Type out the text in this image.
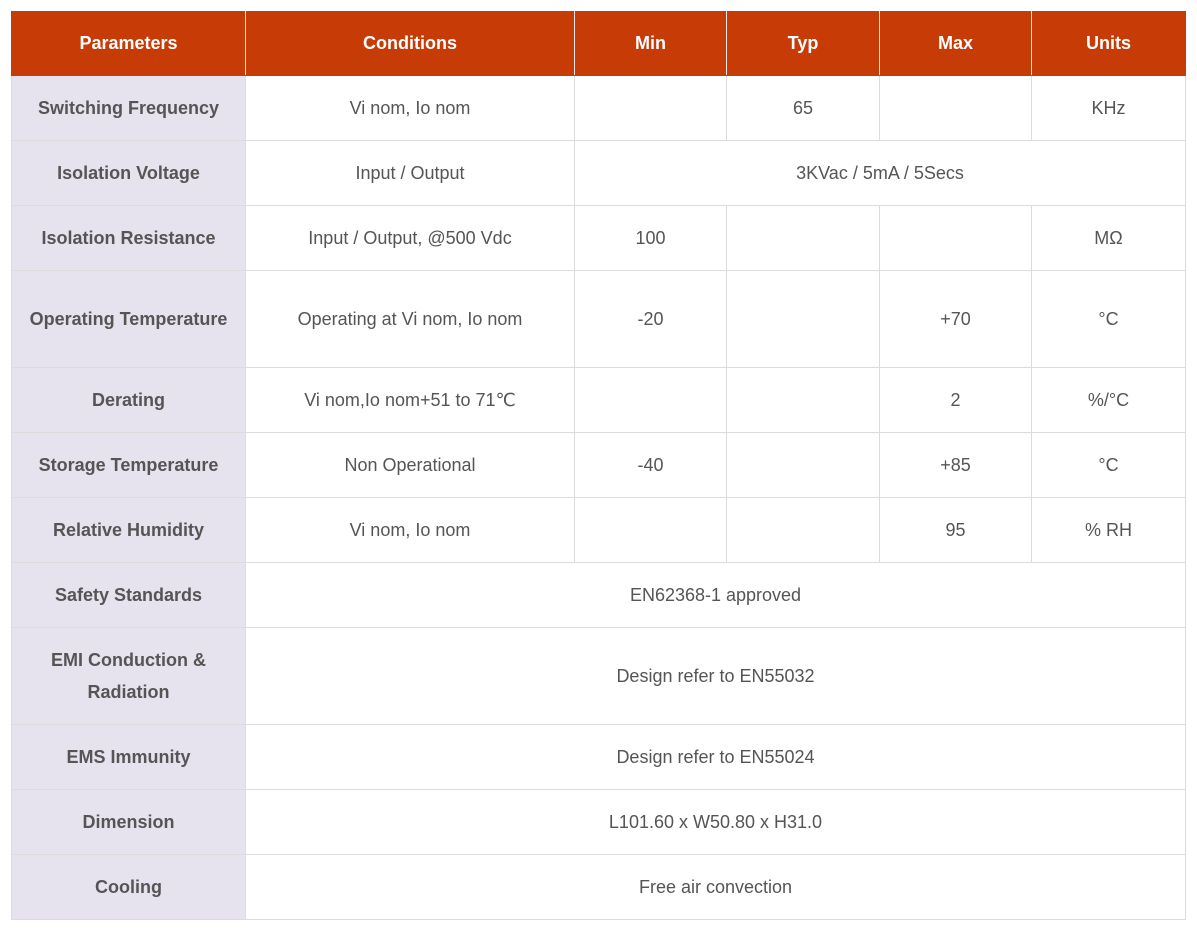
Parameters	Conditions	Min	Typ	Max	Units
Switching Frequency	Vi nom, Io nom		65		KHz
Isolation Voltage	Input / Output	3KVac / 5mA / 5Secs			
Isolation Resistance	Input / Output, @500 Vdc	100			MΩ
Operating Temperature	Operating at Vi nom, Io nom	-20		+70	°C
Derating	Vi nom,Io nom+51 to 71℃			2	%/°C
Storage Temperature	Non Operational	-40		+85	°C
Relative Humidity	Vi nom, Io nom			95	% RH
Safety Standards	EN62368-1 approved				
EMI Conduction & Radiation	Design refer to EN55032				
EMS Immunity	Design refer to EN55024				
Dimension	L101.60 x W50.80 x H31.0				
Cooling	Free air convection				
